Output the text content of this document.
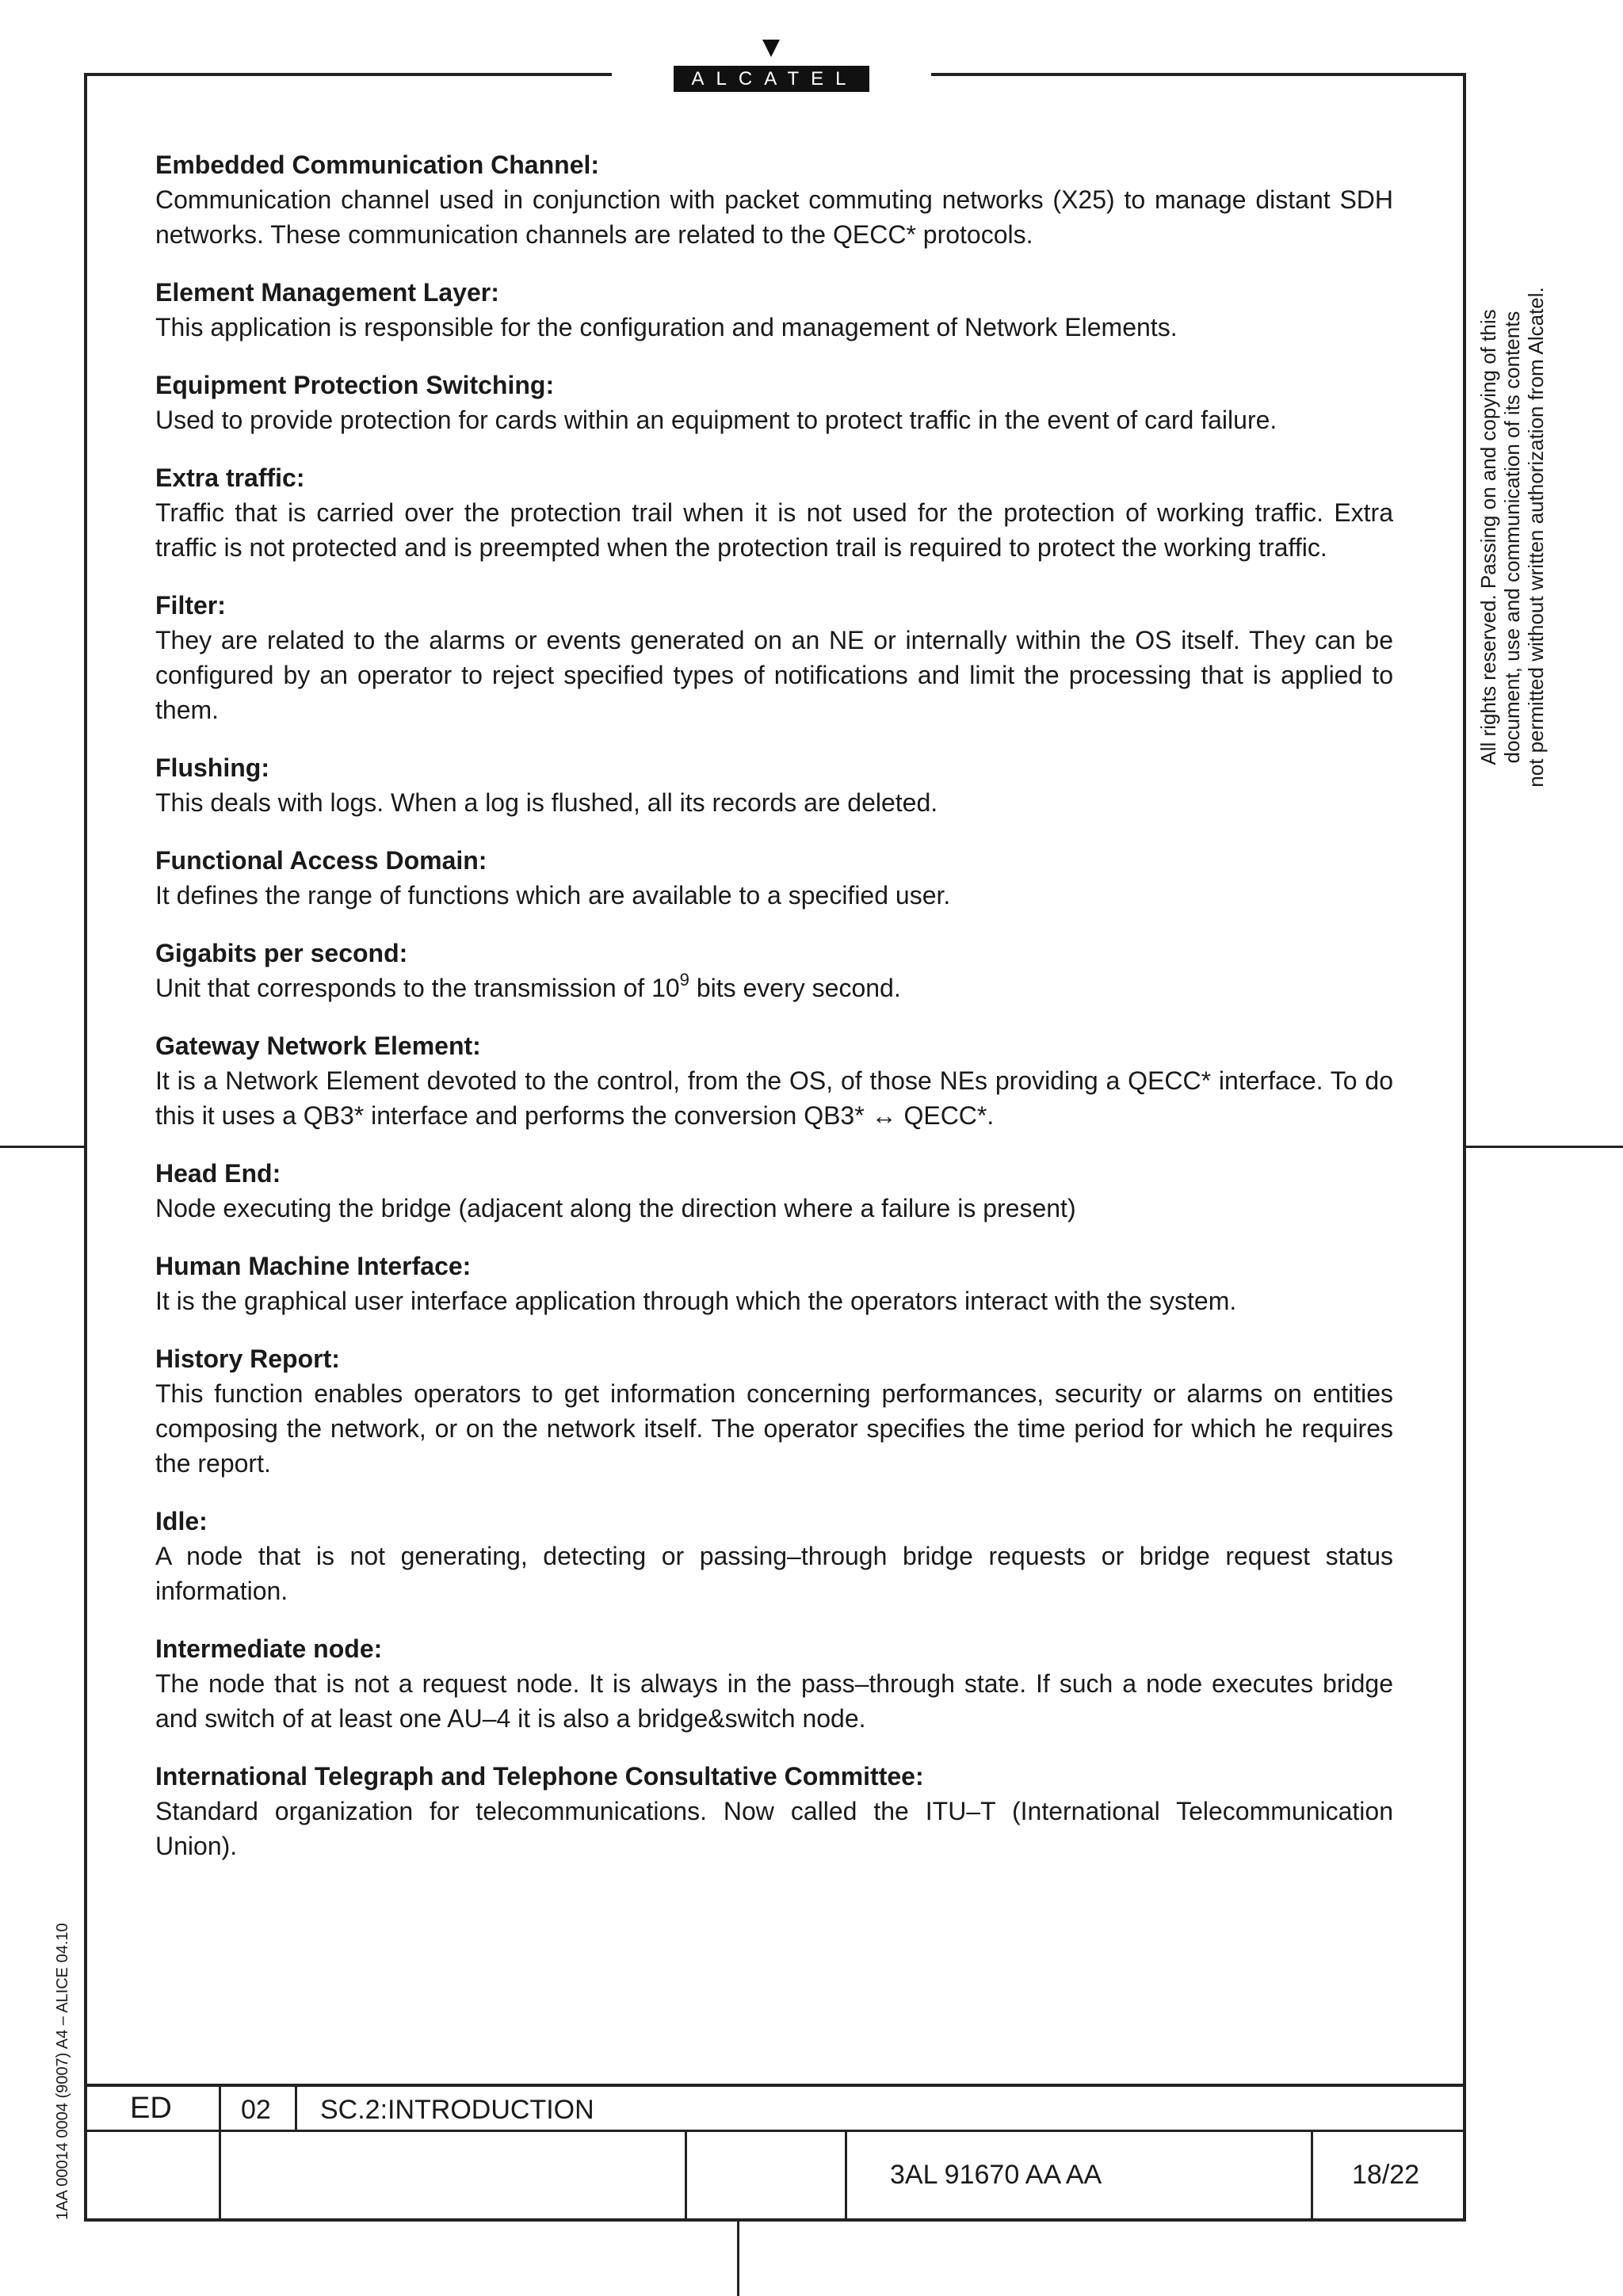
ALCATEL
Embedded Communication Channel:
Communication channel used in conjunction with packet commuting networks (X25) to manage distant SDH networks. These communication channels are related to the QECC* protocols.
Element Management Layer:
This application is responsible for the configuration and management of Network Elements.
Equipment Protection Switching:
Used to provide protection for cards within an equipment to protect traffic in the event of card failure.
Extra traffic:
Traffic that is carried over the protection trail when it is not used for the protection of working traffic. Extra traffic is not protected and is preempted when the protection trail is required to protect the working traffic.
Filter:
They are related to the alarms or events generated on an NE or internally within the OS itself. They can be configured by an operator to reject specified types of notifications and limit the processing that is applied to them.
Flushing:
This deals with logs. When a log is flushed, all its records are deleted.
Functional Access Domain:
It defines the range of functions which are available to a specified user.
Gigabits per second:
Unit that corresponds to the transmission of $10^9$ bits every second.
Gateway Network Element:
It is a Network Element devoted to the control, from the OS, of those NEs providing a QECC* interface. To do this it uses a QB3* interface and performs the conversion QB3* ↔ QECC*.
Head End:
Node executing the bridge (adjacent along the direction where a failure is present)
Human Machine Interface:
It is the graphical user interface application through which the operators interact with the system.
History Report:
This function enables operators to get information concerning performances, security or alarms on entities composing the network, or on the network itself. The operator specifies the time period for which he requires the report.
Idle:
A node that is not generating, detecting or passing–through bridge requests or bridge request status information.
Intermediate node:
The node that is not a request node. It is always in the pass–through state. If such a node executes bridge and switch of at least one AU–4 it is also a bridge&switch node.
International Telegraph and Telephone Consultative Committee:
Standard organization for telecommunications. Now called the ITU–T (International Telecommunication Union).
All rights reserved. Passing on and copying of this document, use and communication of its contents not permitted without written authorization from Alcatel.
1AA 00014 0004 (9007) A4 – ALICE 04.10 ED	02 SC.2:INTRODUCTION
3AL 91670 AA AA	18/22
